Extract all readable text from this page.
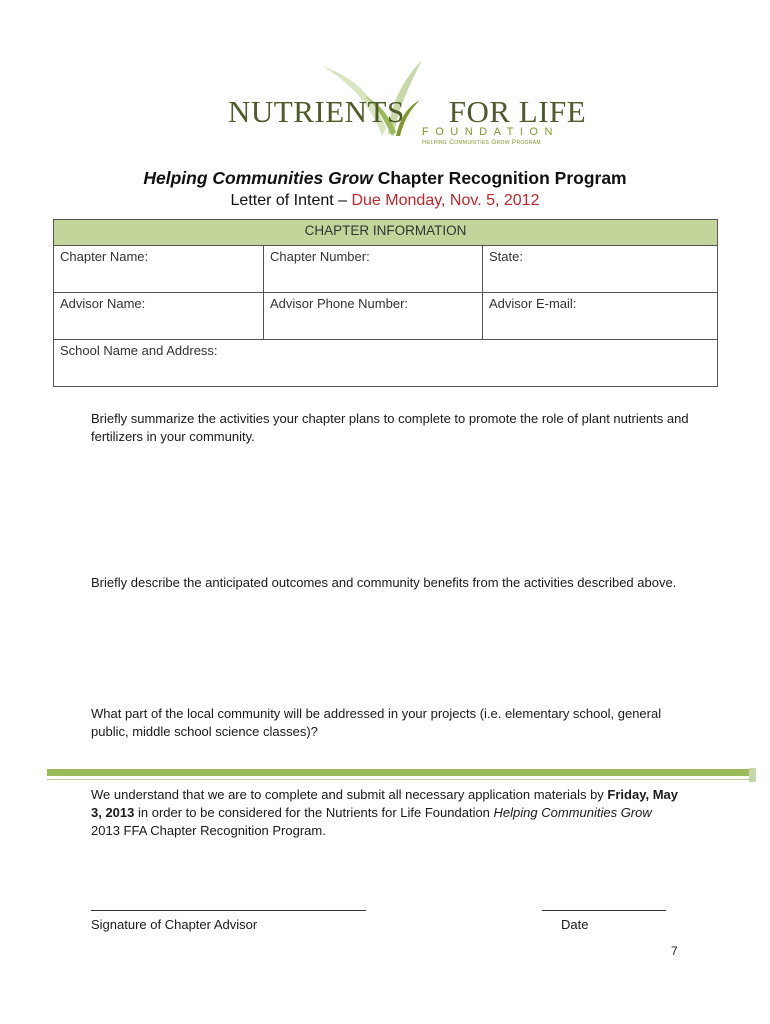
NUTRIENTS FOR LIFE
FOUNDATION
Helping Communities Grow Program
Helping Communities Grow Chapter Recognition Program
Letter of Intent – Due Monday, Nov. 5, 2012
CHAPTER INFORMATION		
Chapter Name:	Chapter Number:	State:
Advisor Name:	Advisor Phone Number:	Advisor E-mail:
School Name and Address:		
Briefly summarize the activities your chapter plans to complete to promote the role of plant nutrients and fertilizers in your community.
Briefly describe the anticipated outcomes and community benefits from the activities described above.
What part of the local community will be addressed in your projects (i.e. elementary school, general public, middle school science classes)?
We understand that we are to complete and submit all necessary application materials by Friday, May 3, 2013 in order to be considered for the Nutrients for Life Foundation Helping Communities Grow 2013 FFA Chapter Recognition Program.
Signature of Chapter Advisor	Date
7
